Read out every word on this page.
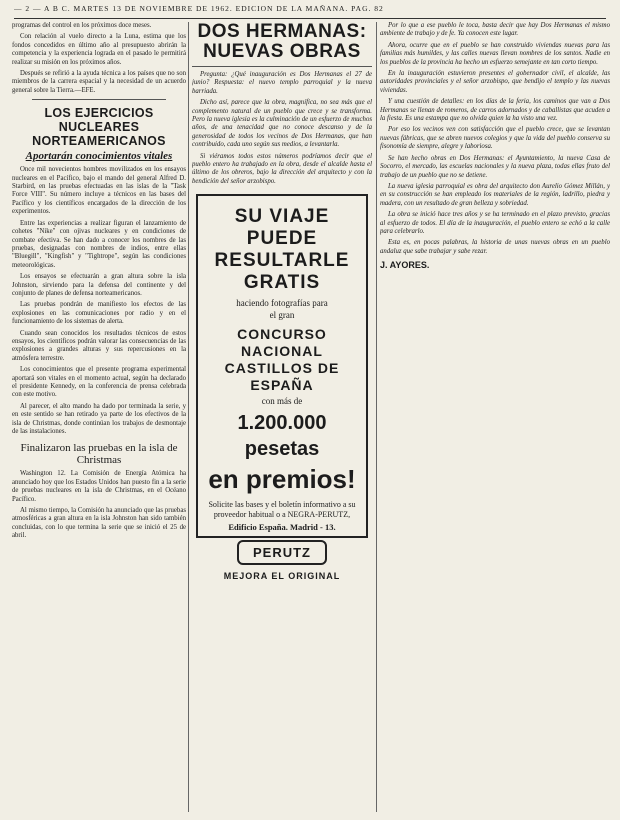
— 2 — A B C. MARTES 13 DE NOVIEMBRE DE 1962. EDICION DE LA MAÑANA. PAG. 82

programas del control en los próximos doce meses.

Con relación al vuelo directo a la Luna, estima que los fondos concedidos en último año al presupuesto abrirán la competencia y la experiencia lograda en el pasado le permitirá realizar su misión en los próximos años.

Después se refirió a la ayuda técnica a los países que no son miembros de la carrera espacial y la necesidad de un acuerdo general sobre la Tierra.—EFE.

LOS EJERCICIOS NUCLEARES NORTEAMERICANOS
Aportarán conocimientos vitales

Once mil novecientos hombres movilizados en los ensayos nucleares en el Pacífico, bajo el mando del general Alfred D. Starbird, en las pruebas efectuadas en las islas de la "Task Force VIII". Su número incluye a técnicos en las bases del Pacífico y los científicos encargados de la dirección de los experimentos.

Entre las experiencias a realizar figuran el lanzamiento de cohetes "Nike" con ojivas nucleares y en condiciones de combate efectiva. Se han dado a conocer los nombres de las pruebas, designadas con nombres de indios, entre ellas "Bluegill", "Kingfish" y "Tightrope", según las condiciones meteorológicas.

Los ensayos se efectuarán a gran altura sobre la isla Johnston, sirviendo para la defensa del continente y del conjunto de planes de defensa norteamericanos.

Las pruebas pondrán de manifiesto los efectos de las explosiones en las comunicaciones por radio y en el funcionamiento de los sistemas de alerta.

Cuando sean conocidos los resultados técnicos de estos ensayos, los científicos podrán valorar las consecuencias de las explosiones a grandes alturas y sus repercusiones en la atmósfera terrestre.

Los conocimientos que el presente programa experimental aportará son vitales en el momento actual, según ha declarado el presidente Kennedy, en la conferencia de prensa celebrada con este motivo.

Al parecer, el alto mando ha dado por terminada la serie, y en este sentido se han retirado ya parte de los efectivos de la isla de Christmas, donde continúan los trabajos de desmontaje de las instalaciones.

Finalizaron las pruebas en la isla de Christmas

Washington 12. La Comisión de Energía Atómica ha anunciado hoy que los Estados Unidos han puesto fin a la serie de pruebas nucleares en la isla de Christmas, en el Océano Pacífico.

Al mismo tiempo, la Comisión ha anunciado que las pruebas atmosféricas a gran altura en la isla Johnston han sido también concluidas, con lo que termina la serie que se inició el 25 de abril.

DOS HERMANAS: NUEVAS OBRAS

Pregunta: ¿Qué inauguración es Dos Hermanas el 27 de junio? Respuesta: el nuevo templo parroquial y la nueva barriada.

Dicho así, parece que la obra, magnífica, no sea más que el complemento natural de un pueblo que crece y se transforma. Pero la nueva iglesia es la culminación de un esfuerzo de muchos años, de una tenacidad que no conoce descanso y de la generosidad de todos los vecinos de Dos Hermanas, que han contribuido, cada uno según sus medios, a levantarla.

Si viéramos todos estos números podríamos decir que el pueblo entero ha trabajado en la obra, desde el alcalde hasta el último de los obreros, bajo la dirección del arquitecto y con la bendición del señor arzobispo.

SU VIAJE PUEDE RESULTARLE GRATIS
haciendo fotografías para
el gran
CONCURSO NACIONAL CASTILLOS DE ESPAÑA
con más de
1.200.000 pesetas
en premios!
Solicite las bases y el boletín informativo a su proveedor habitual o a NEGRA-PERUTZ,
Edificio España. Madrid - 13.
PERUTZ
MEJORA EL ORIGINAL

Por lo que a ese pueblo le toca, basta decir que hay Dos Hermanas el mismo ambiente de trabajo y de fe. Ya conocen este lugar.

Ahora, ocurre que en el pueblo se han construido viviendas nuevas para las familias más humildes, y las calles nuevas llevan nombres de los santos. Nadie en los pueblos de la provincia ha hecho un esfuerzo semejante en tan corto tiempo.

En la inauguración estuvieron presentes el gobernador civil, el alcalde, las autoridades provinciales y el señor arzobispo, que bendijo el templo y las nuevas viviendas.

Y una cuestión de detalles: en los días de la feria, los caminos que van a Dos Hermanas se llenan de romeros, de carros adornados y de caballistas que acuden a la fiesta. Es una estampa que no olvida quien la ha visto una vez.

Por eso los vecinos ven con satisfacción que el pueblo crece, que se levantan nuevas fábricas, que se abren nuevos colegios y que la vida del pueblo conserva su fisonomía de siempre, alegre y laboriosa.

Se han hecho obras en Dos Hermanas: el Ayuntamiento, la nueva Casa de Socorro, el mercado, las escuelas nacionales y la nueva plaza, todas ellas fruto del trabajo de un pueblo que no se detiene.

La nueva iglesia parroquial es obra del arquitecto don Aurelio Gómez Millán, y en su construcción se han empleado los materiales de la región, ladrillo, piedra y madera, con un resultado de gran belleza y sobriedad.

La obra se inició hace tres años y se ha terminado en el plazo previsto, gracias al esfuerzo de todos. El día de la inauguración, el pueblo entero se echó a la calle para celebrarlo.

Esta es, en pocas palabras, la historia de unas nuevas obras en un pueblo andaluz que sabe trabajar y sabe rezar.

J. AYORES.
